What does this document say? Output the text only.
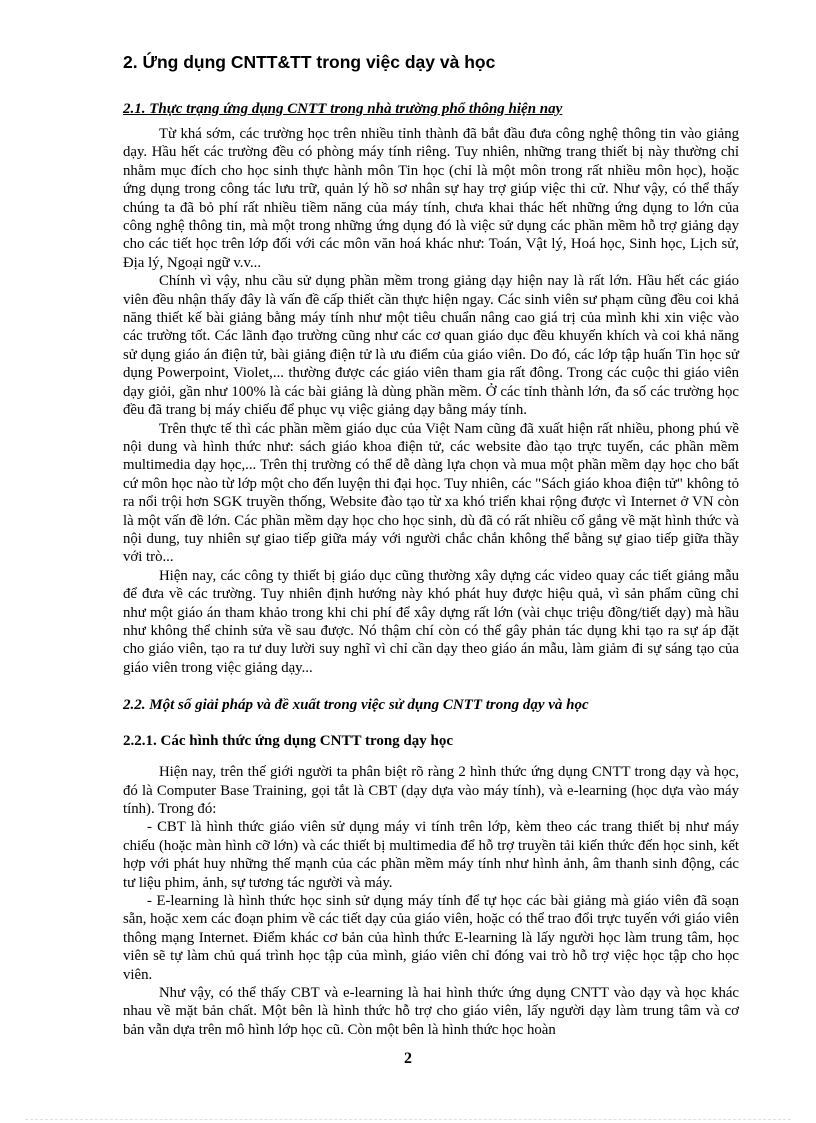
2. Ứng dụng CNTT&TT trong việc dạy và học
2.1. Thực trạng ứng dụng CNTT trong nhà trường phổ thông hiện nay

Từ khá sớm, các trường học trên nhiều tỉnh thành đã bắt đầu đưa công nghệ thông tin vào giảng dạy. Hầu hết các trường đều có phòng máy tính riêng. Tuy nhiên, những trang thiết bị này thường chỉ nhằm mục đích cho học sinh thực hành môn Tin học (chỉ là một môn trong rất nhiều môn học), hoặc ứng dụng trong công tác lưu trữ, quản lý hồ sơ nhân sự hay trợ giúp việc thi cử. Như vậy, có thể thấy chúng ta đã bỏ phí rất nhiều tiềm năng của máy tính, chưa khai thác hết những ứng dụng to lớn của công nghệ thông tin, mà một trong những ứng dụng đó là việc sử dụng các phần mềm hỗ trợ giảng dạy cho các tiết học trên lớp đối với các môn văn hoá khác như: Toán, Vật lý, Hoá học, Sinh học, Lịch sử, Địa lý, Ngoại ngữ v.v...

Chính vì vậy, nhu cầu sử dụng phần mềm trong giảng dạy hiện nay là rất lớn. Hầu hết các giáo viên đều nhận thấy đây là vấn đề cấp thiết cần thực hiện ngay. Các sinh viên sư phạm cũng đều coi khả năng thiết kế bài giảng bằng máy tính như một tiêu chuẩn nâng cao giá trị của mình khi xin việc vào các trường tốt. Các lãnh đạo trường cũng như các cơ quan giáo dục đều khuyến khích và coi khả năng sử dụng giáo án điện tử, bài giảng điện tử là ưu điểm của giáo viên. Do đó, các lớp tập huấn Tin học sử dụng Powerpoint, Violet,... thường được các giáo viên tham gia rất đông. Trong các cuộc thi giáo viên dạy giỏi, gần như 100% là các bài giảng là dùng phần mềm. Ở các tỉnh thành lớn, đa số các trường học đều đã trang bị máy chiếu để phục vụ việc giảng dạy bằng máy tính.

Trên thực tế thì các phần mềm giáo dục của Việt Nam cũng đã xuất hiện rất nhiều, phong phú về nội dung và hình thức như: sách giáo khoa điện tử, các website đào tạo trực tuyến, các phần mềm multimedia dạy học,... Trên thị trường có thể dễ dàng lựa chọn và mua một phần mềm dạy học cho bất cứ môn học nào từ lớp một cho đến luyện thi đại học. Tuy nhiên, các "Sách giáo khoa điện tử" không tỏ ra nổi trội hơn SGK truyền thống, Website đào tạo từ xa khó triển khai rộng được vì Internet ở VN còn là một vấn đề lớn. Các phần mềm dạy học cho học sinh, dù đã có rất nhiều cố gắng về mặt hình thức và nội dung, tuy nhiên sự giao tiếp giữa máy với người chắc chắn không thể bằng sự giao tiếp giữa thầy với trò...

Hiện nay, các công ty thiết bị giáo dục cũng thường xây dựng các video quay các tiết giảng mẫu để đưa về các trường. Tuy nhiên định hướng này khó phát huy được hiệu quả, vì sản phẩm cũng chỉ như một giáo án tham khảo trong khi chi phí để xây dựng rất lớn (vài chục triệu đồng/tiết dạy) mà hầu như không thể chỉnh sửa về sau được. Nó thậm chí còn có thể gây phản tác dụng khi tạo ra sự áp đặt cho giáo viên, tạo ra tư duy lười suy nghĩ vì chỉ cần dạy theo giáo án mẫu, làm giảm đi sự sáng tạo của giáo viên trong việc giảng dạy...

2.2. Một số giải pháp và đề xuất trong việc sử dụng CNTT trong dạy và học
2.2.1. Các hình thức ứng dụng CNTT trong dạy học

Hiện nay, trên thế giới người ta phân biệt rõ ràng 2 hình thức ứng dụng CNTT trong dạy và học, đó là Computer Base Training, gọi tắt là CBT (dạy dựa vào máy tính), và e-learning (học dựa vào máy tính). Trong đó:

- CBT là hình thức giáo viên sử dụng máy vi tính trên lớp, kèm theo các trang thiết bị như máy chiếu (hoặc màn hình cỡ lớn) và các thiết bị multimedia để hỗ trợ truyền tải kiến thức đến học sinh, kết hợp với phát huy những thế mạnh của các phần mềm máy tính như hình ảnh, âm thanh sinh động, các tư liệu phim, ảnh, sự tương tác người và máy.

- E-learning là hình thức học sinh sử dụng máy tính để tự học các bài giảng mà giáo viên đã soạn sẵn, hoặc xem các đoạn phim về các tiết dạy của giáo viên, hoặc có thể trao đổi trực tuyến với giáo viên thông mạng Internet. Điểm khác cơ bản của hình thức E-learning là lấy người học làm trung tâm, học viên sẽ tự làm chủ quá trình học tập của mình, giáo viên chỉ đóng vai trò hỗ trợ việc học tập cho học viên.

Như vậy, có thể thấy CBT và e-learning là hai hình thức ứng dụng CNTT vào dạy và học khác nhau về mặt bản chất. Một bên là hình thức hỗ trợ cho giáo viên, lấy người dạy làm trung tâm và cơ bản vẫn dựa trên mô hình lớp học cũ. Còn một bên là hình thức học hoàn

2
